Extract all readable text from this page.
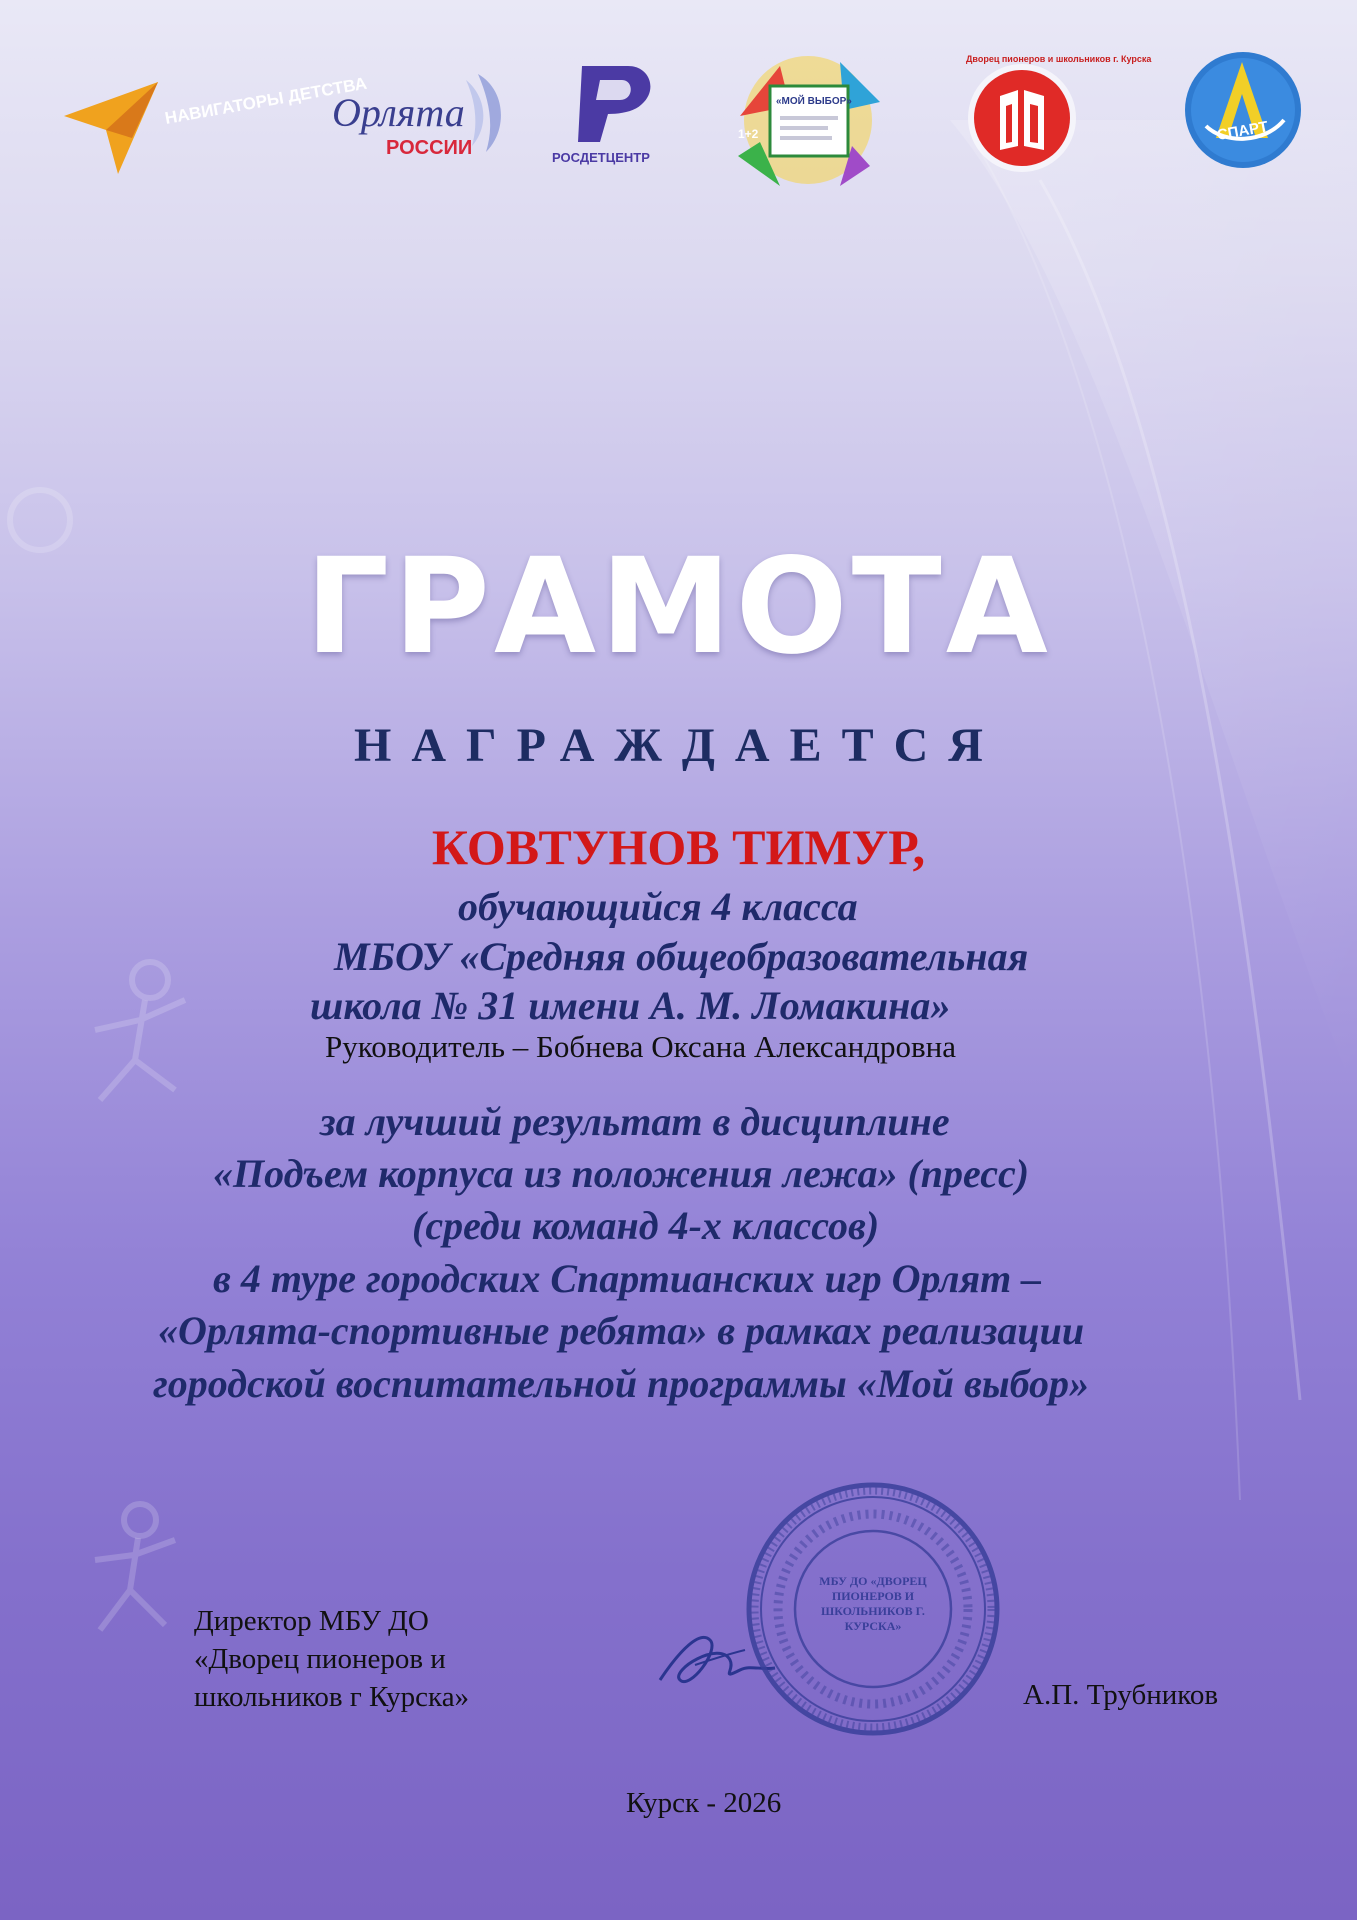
НАВИГАТОРЫ ДЕТСТВА
Орлята
РОССИИ
Орлята РОССИИ	РОСДЕТЦЕНТР
«МОЙ ВЫБОР»
1+2
Дворец пионеров и школьников г. Курска
СПАРТ
ГРАМОТА
НАГРАЖДАЕТСЯ
КОВТУНОВ ТИМУР,
обучающийся 4 класса
МБОУ «Средняя общеобразовательная
школа № 31 имени А. М. Ломакина»
Руководитель – Бобнева Оксана Александровна
за лучший результат в дисциплине
«Подъем корпуса из положения лежа» (пресс)
(среди команд 4-х классов)
в 4 туре городских Спартианских игр Орлят –
«Орлята-спортивные ребята» в рамках реализации
городской воспитательной программы «Мой выбор»
Директор МБУ ДО
«Дворец пионеров и
школьников г Курска»
МБУ ДО «ДВОРЕЦ ПИОНЕРОВ И ШКОЛЬНИКОВ Г. КУРСКА»
А.П. Трубников
Курск - 2026
